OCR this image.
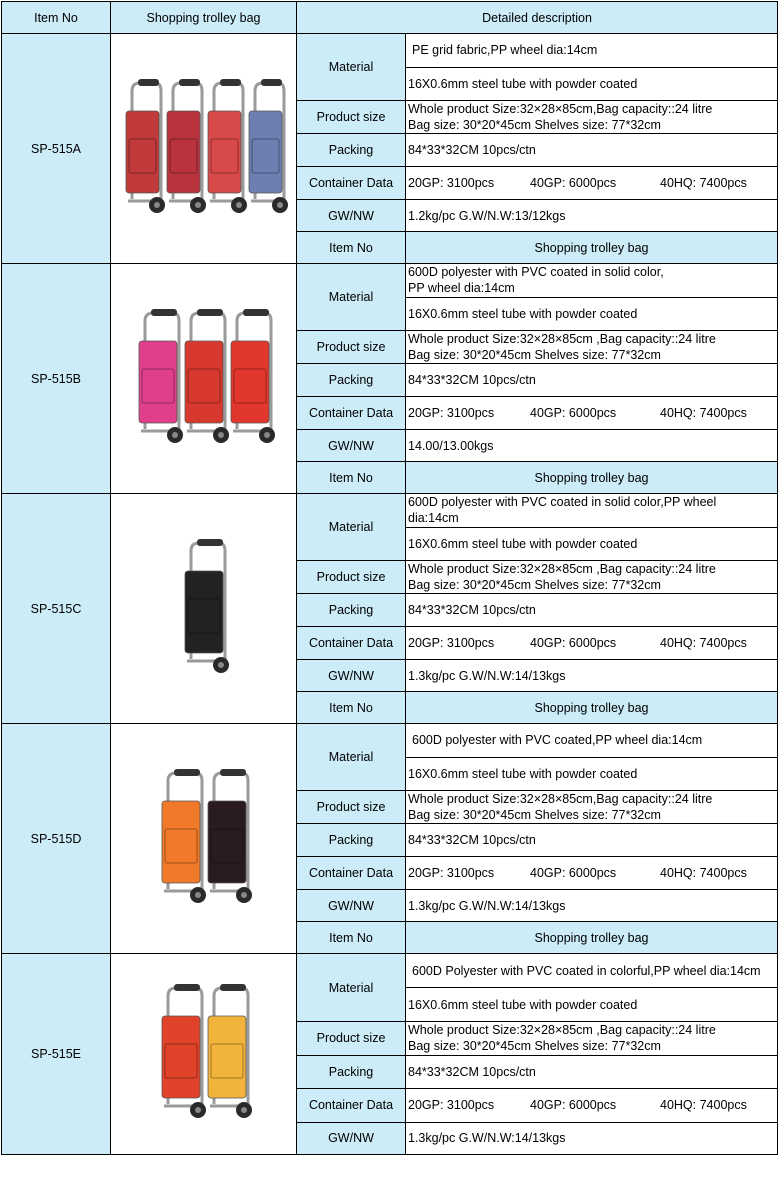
Item No	Shopping trolley bag	Detailed description		
SP-515A		Material	PE grid fabric,PP wheel dia:14cm	

			16X0.6mm steel tube with powder coated	
		Product size	Whole product Size:32×28×85cm,Bag capacity::24 litre
Bag size: 30*20*45cm Shelves size: 77*32cm	

		Packing	84*33*32CM 10pcs/ctn	
		Container Data	20GP: 3100pcs 40GP: 6000pcs 40HQ: 7400pcs	

		GW/NW	1.2kg/pc G.W/N.W:13/12kgs	
		Item No	Shopping trolley bag	
SP-515B		Material	600D polyester with PVC coated in solid color,
PP wheel dia:14cm	

			16X0.6mm steel tube with powder coated	
		Product size	Whole product Size:32×28×85cm ,Bag capacity::24 litre
Bag size: 30*20*45cm Shelves size: 77*32cm	

		Packing	84*33*32CM 10pcs/ctn	
		Container Data	20GP: 3100pcs 40GP: 6000pcs 40HQ: 7400pcs	

		GW/NW	14.00/13.00kgs	
		Item No	Shopping trolley bag	
SP-515C		Material	600D polyester with PVC coated in solid color,PP wheel
dia:14cm	

			16X0.6mm steel tube with powder coated	
		Product size	Whole product Size:32×28×85cm ,Bag capacity::24 litre
Bag size: 30*20*45cm Shelves size: 77*32cm	

		Packing	84*33*32CM 10pcs/ctn	
		Container Data	20GP: 3100pcs 40GP: 6000pcs 40HQ: 7400pcs	

		GW/NW	1.3kg/pc G.W/N.W:14/13kgs	
		Item No	Shopping trolley bag	
SP-515D		Material	600D polyester with PVC coated,PP wheel dia:14cm	

			16X0.6mm steel tube with powder coated	
		Product size	Whole product Size:32×28×85cm,Bag capacity::24 litre
Bag size: 30*20*45cm Shelves size: 77*32cm	

		Packing	84*33*32CM 10pcs/ctn	
		Container Data	20GP: 3100pcs 40GP: 6000pcs 40HQ: 7400pcs	

		GW/NW	1.3kg/pc G.W/N.W:14/13kgs	
		Item No	Shopping trolley bag	
SP-515E		Material	600D Polyester with PVC coated in colorful,PP wheel dia:14cm	

			16X0.6mm steel tube with powder coated	
		Product size	Whole product Size:32×28×85cm ,Bag capacity::24 litre
Bag size: 30*20*45cm Shelves size: 77*32cm	

		Packing	84*33*32CM 10pcs/ctn	
		Container Data	20GP: 3100pcs 40GP: 6000pcs 40HQ: 7400pcs	

		GW/NW	1.3kg/pc G.W/N.W:14/13kgs	
